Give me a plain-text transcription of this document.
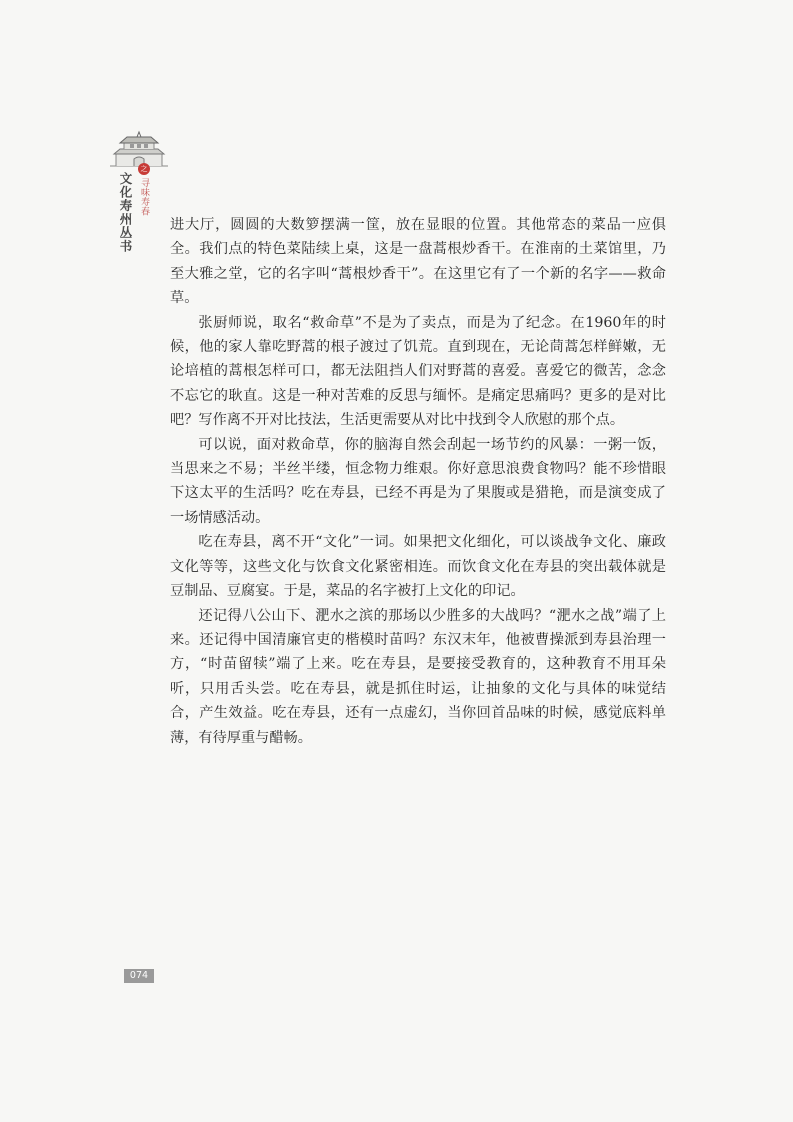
之
文化寿州丛书 寻味寿春

进大厅，圆圆的大数箩摆满一筐，放在显眼的位置。其他常态的菜品一应俱全。我们点的特色菜陆续上桌，这是一盘蒿根炒香干。在淮南的土菜馆里，乃至大雅之堂，它的名字叫“蒿根炒香干”。在这里它有了一个新的名字——救命草。

张厨师说，取名“救命草”不是为了卖点，而是为了纪念。在1960年的时候，他的家人靠吃野蒿的根子渡过了饥荒。直到现在，无论茼蒿怎样鲜嫩，无论培植的蒿根怎样可口，都无法阻挡人们对野蒿的喜爱。喜爱它的微苦，念念不忘它的耿直。这是一种对苦难的反思与缅怀。是痛定思痛吗？更多的是对比吧？写作离不开对比技法，生活更需要从对比中找到令人欣慰的那个点。

可以说，面对救命草，你的脑海自然会刮起一场节约的风暴：一粥一饭，当思来之不易；半丝半缕，恒念物力维艰。你好意思浪费食物吗？能不珍惜眼下这太平的生活吗？吃在寿县，已经不再是为了果腹或是猎艳，而是演变成了一场情感活动。

吃在寿县，离不开“文化”一词。如果把文化细化，可以谈战争文化、廉政文化等等，这些文化与饮食文化紧密相连。而饮食文化在寿县的突出载体就是豆制品、豆腐宴。于是，菜品的名字被打上文化的印记。

还记得八公山下、淝水之滨的那场以少胜多的大战吗？“淝水之战”端了上来。还记得中国清廉官吏的楷模时苗吗？东汉末年，他被曹操派到寿县治理一方，“时苗留犊”端了上来。吃在寿县，是要接受教育的，这种教育不用耳朵听，只用舌头尝。吃在寿县，就是抓住时运，让抽象的文化与具体的味觉结合，产生效益。吃在寿县，还有一点虚幻，当你回首品味的时候，感觉底料单薄，有待厚重与醋畅。

074
